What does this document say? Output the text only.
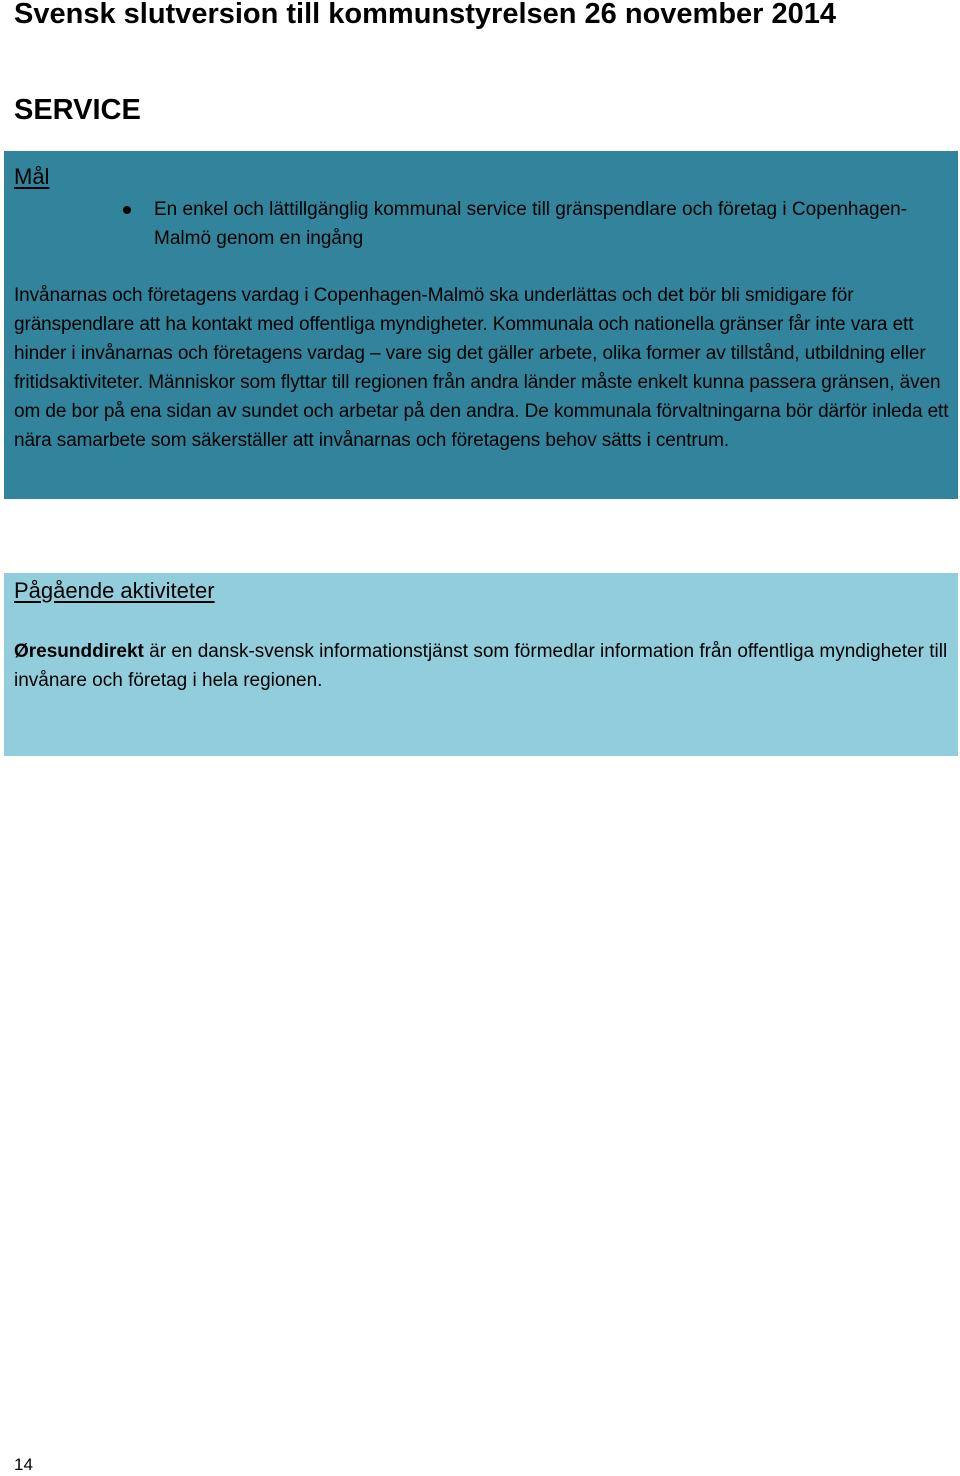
Svensk slutversion till kommunstyrelsen 26 november 2014
SERVICE
Mål
En enkel och lättillgänglig kommunal service till gränspendlare och företag i Copenhagen-Malmö genom en ingång

Invånarnas och företagens vardag i Copenhagen-Malmö ska underlättas och det bör bli smidigare för gränspendlare att ha kontakt med offentliga myndigheter. Kommunala och nationella gränser får inte vara ett hinder i invånarnas och företagens vardag – vare sig det gäller arbete, olika former av tillstånd, utbildning eller fritidsaktiviteter. Människor som flyttar till regionen från andra länder måste enkelt kunna passera gränsen, även om de bor på ena sidan av sundet och arbetar på den andra. De kommunala förvaltningarna bör därför inleda ett nära samarbete som säkerställer att invånarnas och företagens behov sätts i centrum.

Pågående aktiviteter

Øresunddirekt är en dansk-svensk informationstjänst som förmedlar information från offentliga myndigheter till invånare och företag i hela regionen.

14
